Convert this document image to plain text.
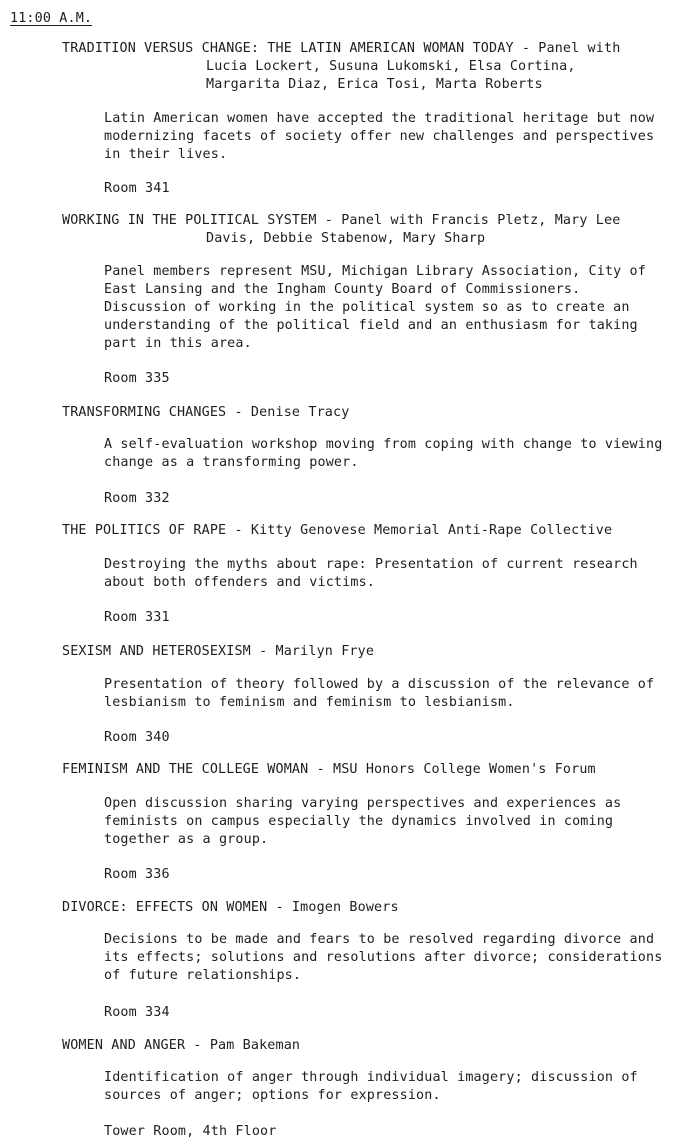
11:00 A.M.
TRADITION VERSUS CHANGE: THE LATIN AMERICAN WOMAN TODAY - Panel with
Lucia Lockert, Susuna Lukomski, Elsa Cortina,
Margarita Diaz, Erica Tosi, Marta Roberts
Latin American women have accepted the traditional heritage but now
modernizing facets of society offer new challenges and perspectives
in their lives.
Room 341
WORKING IN THE POLITICAL SYSTEM - Panel with Francis Pletz, Mary Lee
Davis, Debbie Stabenow, Mary Sharp
Panel members represent MSU, Michigan Library Association, City of
East Lansing and the Ingham County Board of Commissioners.
Discussion of working in the political system so as to create an
understanding of the political field and an enthusiasm for taking
part in this area.
Room 335
TRANSFORMING CHANGES - Denise Tracy
A self-evaluation workshop moving from coping with change to viewing
change as a transforming power.
Room 332
THE POLITICS OF RAPE - Kitty Genovese Memorial Anti-Rape Collective
Destroying the myths about rape: Presentation of current research
about both offenders and victims.
Room 331
SEXISM AND HETEROSEXISM - Marilyn Frye
Presentation of theory followed by a discussion of the relevance of
lesbianism to feminism and feminism to lesbianism.
Room 340
FEMINISM AND THE COLLEGE WOMAN - MSU Honors College Women's Forum
Open discussion sharing varying perspectives and experiences as
feminists on campus especially the dynamics involved in coming
together as a group.
Room 336
DIVORCE: EFFECTS ON WOMEN - Imogen Bowers
Decisions to be made and fears to be resolved regarding divorce and
its effects; solutions and resolutions after divorce; considerations
of future relationships.
Room 334
WOMEN AND ANGER - Pam Bakeman
Identification of anger through individual imagery; discussion of
sources of anger; options for expression.
Tower Room, 4th Floor
